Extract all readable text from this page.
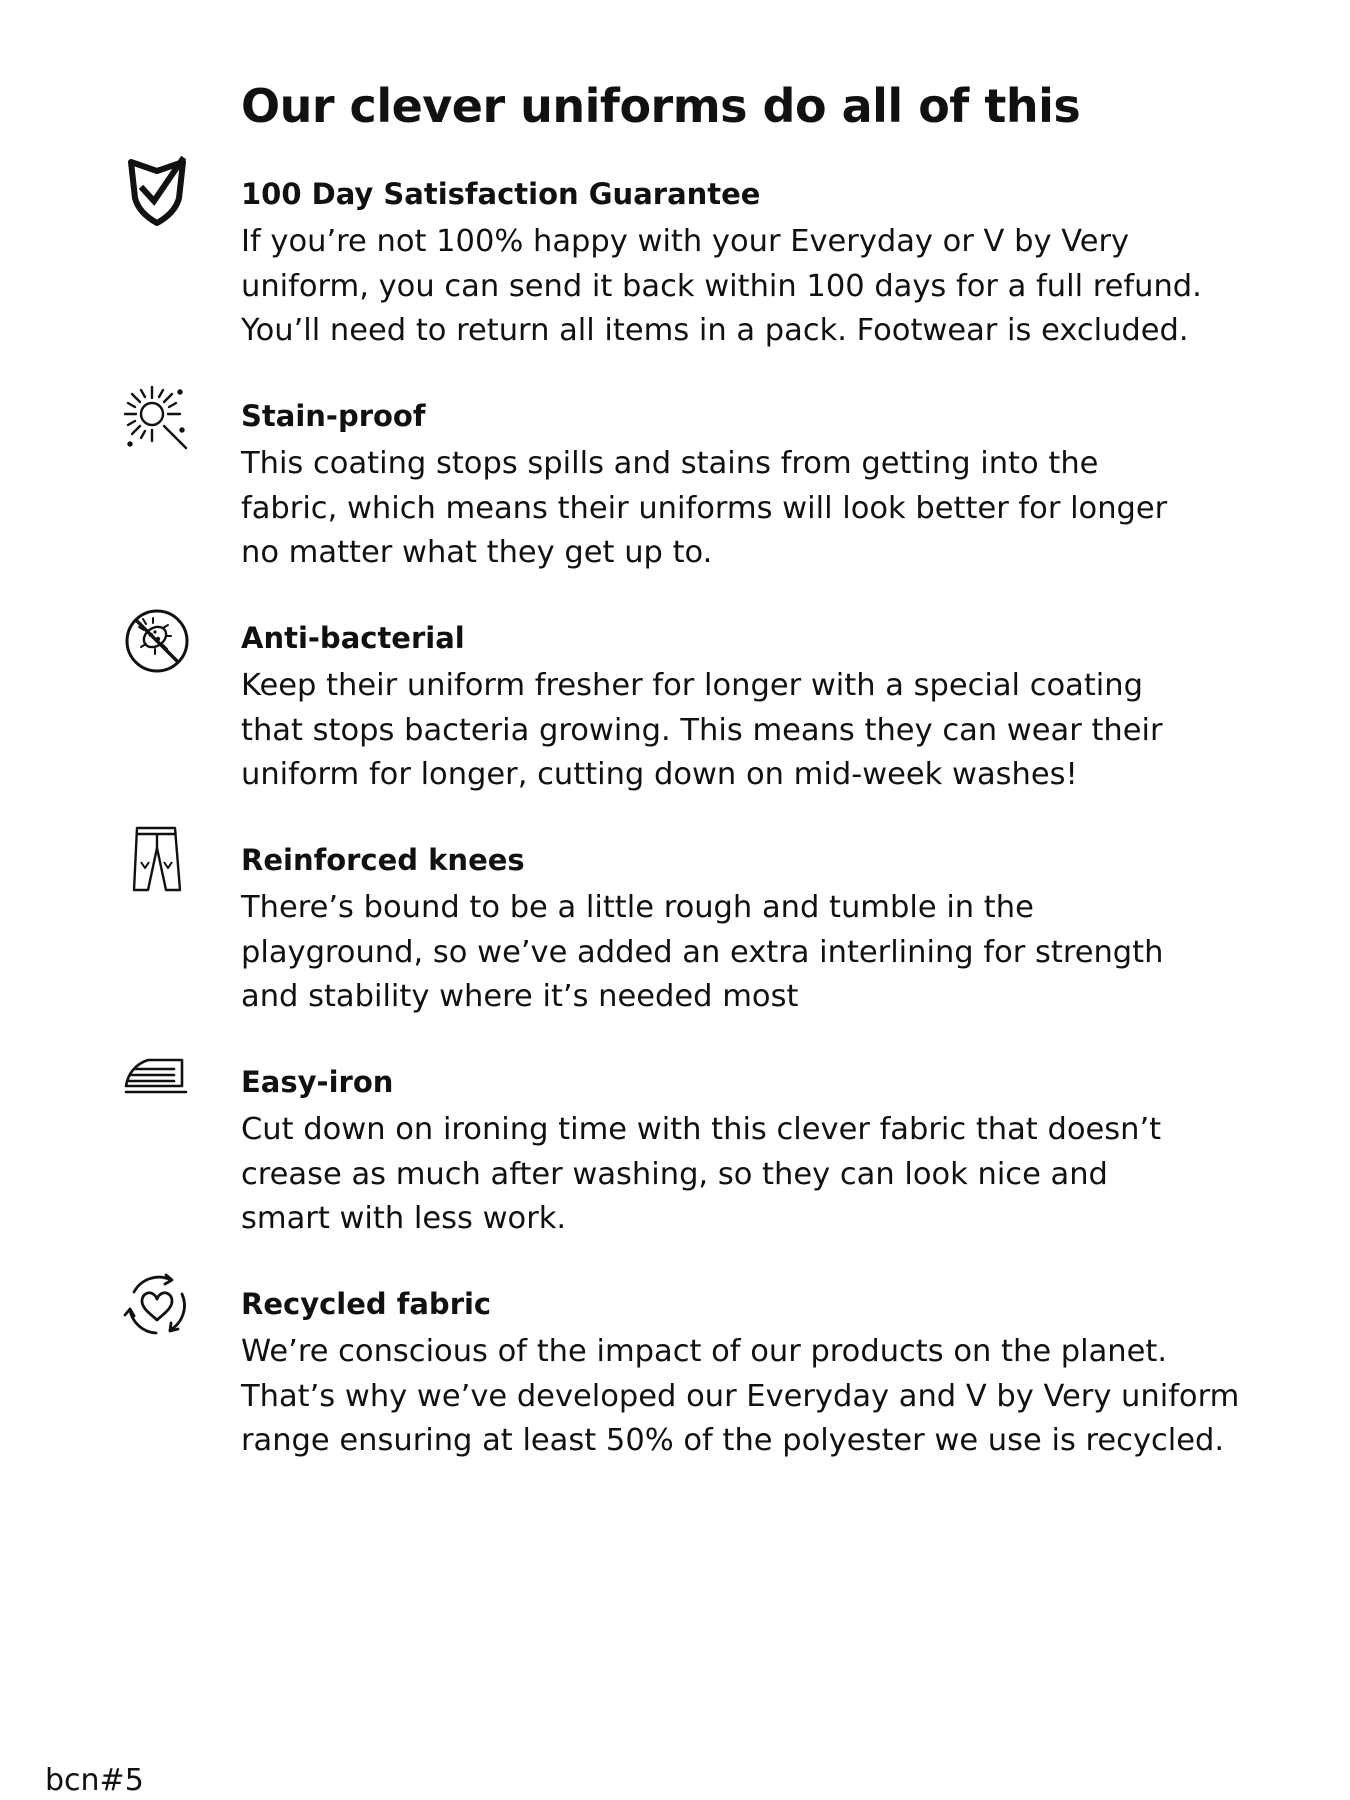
Our clever uniforms do all of this
100 Day Satisfaction Guarantee

If you’re not 100% happy with your Everyday or V by Very
uniform, you can send it back within 100 days for a full refund.
You’ll need to return all items in a pack. Footwear is excluded.

Stain-proof

This coating stops spills and stains from getting into the
fabric, which means their uniforms will look better for longer
no matter what they get up to.

Anti-bacterial

Keep their uniform fresher for longer with a special coating
that stops bacteria growing. This means they can wear their
uniform for longer, cutting down on mid-week washes!

Reinforced knees

There’s bound to be a little rough and tumble in the
playground, so we’ve added an extra interlining for strength
and stability where it’s needed most

Easy-iron

Cut down on ironing time with this clever fabric that doesn’t
crease as much after washing, so they can look nice and
smart with less work.

Recycled fabric

We’re conscious of the impact of our products on the planet.
That’s why we’ve developed our Everyday and V by Very uniform
range ensuring at least 50% of the polyester we use is recycled.

bcn#5
